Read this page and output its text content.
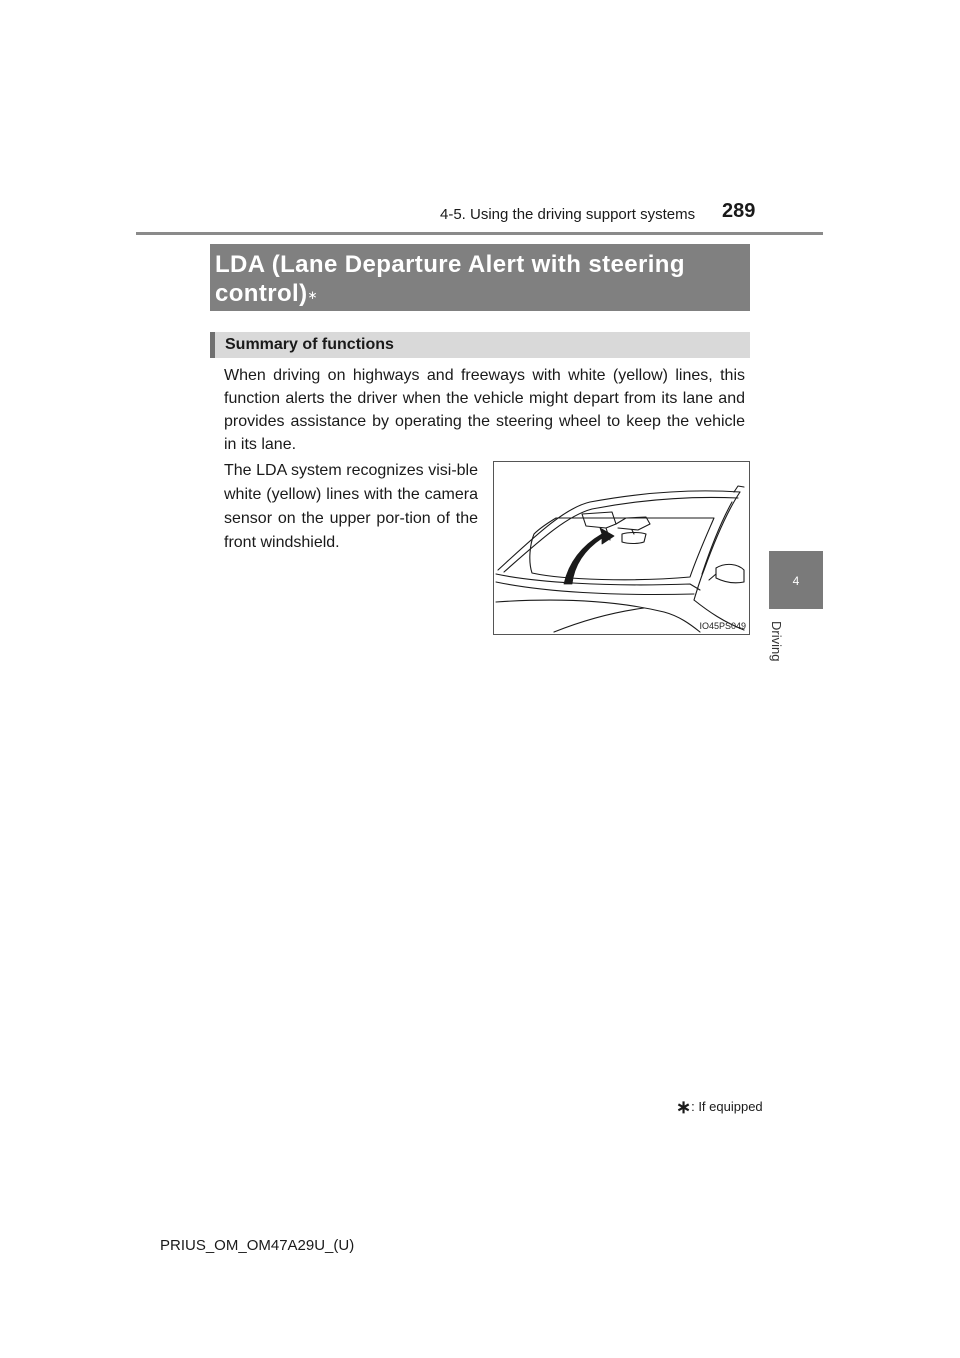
4-5. Using the driving support systems 289
4
Driving
LDA (Lane Departure Alert with steering control)∗
Summary of functions
When driving on highways and freeways with white (yellow) lines, this function alerts the driver when the vehicle might depart from its lane and provides assistance by operating the steering wheel to keep the vehicle in its lane.
The LDA system recognizes visi-ble white (yellow) lines with the camera sensor on the upper por-tion of the front windshield.
IO45PS049
∗: If equipped
PRIUS_OM_OM47A29U_(U)
